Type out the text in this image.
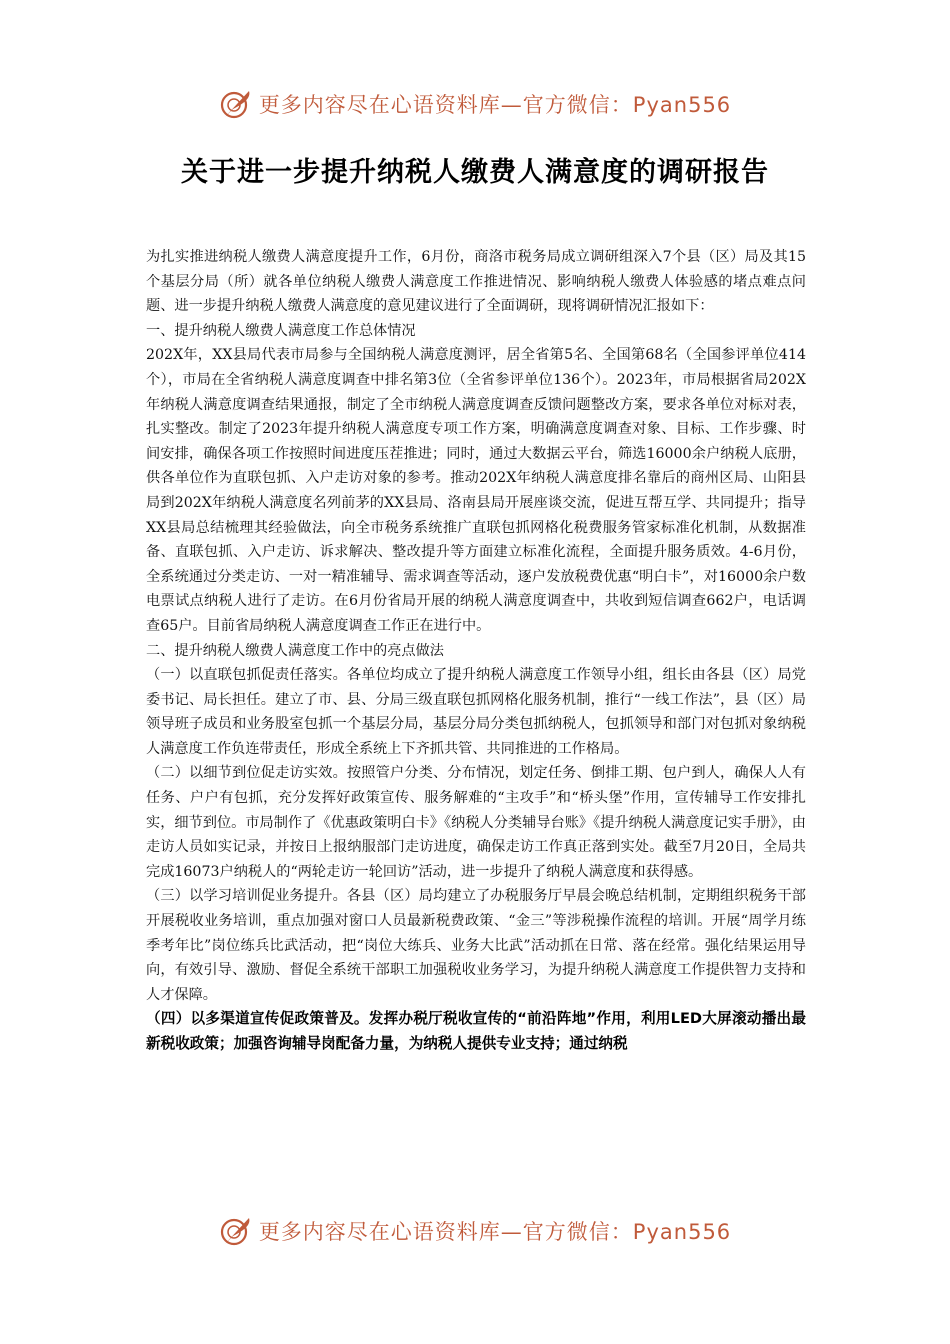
更多内容尽在心语资料库—官方微信：Pyan556
关于进一步提升纳税人缴费人满意度的调研报告

为扎实推进纳税人缴费人满意度提升工作，6月份，商洛市税务局成立调研组深入7个县（区）局及其15个基层分局（所）就各单位纳税人缴费人满意度工作推进情况、影响纳税人缴费人体验感的堵点难点问题、进一步提升纳税人缴费人满意度的意见建议进行了全面调研，现将调研情况汇报如下：

一、提升纳税人缴费人满意度工作总体情况

202X年，XX县局代表市局参与全国纳税人满意度测评，居全省第5名、全国第68名（全国参评单位414个），市局在全省纳税人满意度调查中排名第3位（全省参评单位136个）。2023年，市局根据省局202X年纳税人满意度调查结果通报，制定了全市纳税人满意度调查反馈问题整改方案，要求各单位对标对表，扎实整改。制定了2023年提升纳税人满意度专项工作方案，明确满意度调查对象、目标、工作步骤、时间安排，确保各项工作按照时间进度压茬推进；同时，通过大数据云平台，筛选16000余户纳税人底册，供各单位作为直联包抓、入户走访对象的参考。推动202X年纳税人满意度排名靠后的商州区局、山阳县局到202X年纳税人满意度名列前茅的XX县局、洛南县局开展座谈交流，促进互帮互学、共同提升；指导XX县局总结梳理其经验做法，向全市税务系统推广直联包抓网格化税费服务管家标准化机制，从数据准备、直联包抓、入户走访、诉求解决、整改提升等方面建立标准化流程，全面提升服务质效。4-6月份，全系统通过分类走访、一对一精准辅导、需求调查等活动，逐户发放税费优惠“明白卡”，对16000余户数电票试点纳税人进行了走访。在6月份省局开展的纳税人满意度调查中，共收到短信调查662户，电话调查65户。目前省局纳税人满意度调查工作正在进行中。

二、提升纳税人缴费人满意度工作中的亮点做法

（一）以直联包抓促责任落实。各单位均成立了提升纳税人满意度工作领导小组，组长由各县（区）局党委书记、局长担任。建立了市、县、分局三级直联包抓网格化服务机制，推行“一线工作法”，县（区）局领导班子成员和业务股室包抓一个基层分局，基层分局分类包抓纳税人，包抓领导和部门对包抓对象纳税人满意度工作负连带责任，形成全系统上下齐抓共管、共同推进的工作格局。

（二）以细节到位促走访实效。按照管户分类、分布情况，划定任务、倒排工期、包户到人，确保人人有任务、户户有包抓，充分发挥好政策宣传、服务解难的“主攻手”和“桥头堡”作用，宣传辅导工作安排扎实，细节到位。市局制作了《优惠政策明白卡》《纳税人分类辅导台账》《提升纳税人满意度记实手册》，由走访人员如实记录，并按日上报纳服部门走访进度，确保走访工作真正落到实处。截至7月20日，全局共完成16073户纳税人的“两轮走访一轮回访”活动，进一步提升了纳税人满意度和获得感。

（三）以学习培训促业务提升。各县（区）局均建立了办税服务厅早晨会晚总结机制，定期组织税务干部开展税收业务培训，重点加强对窗口人员最新税费政策、“金三”等涉税操作流程的培训。开展“周学月练季考年比”岗位练兵比武活动，把“岗位大练兵、业务大比武”活动抓在日常、落在经常。强化结果运用导向，有效引导、激励、督促全系统干部职工加强税收业务学习，为提升纳税人满意度工作提供智力支持和人才保障。

（四）以多渠道宣传促政策普及。发挥办税厅税收宣传的“前沿阵地”作用，利用LED大屏滚动播出最新税收政策；加强咨询辅导岗配备力量，为纳税人提供专业支持；通过纳税

更多内容尽在心语资料库—官方微信：Pyan556
